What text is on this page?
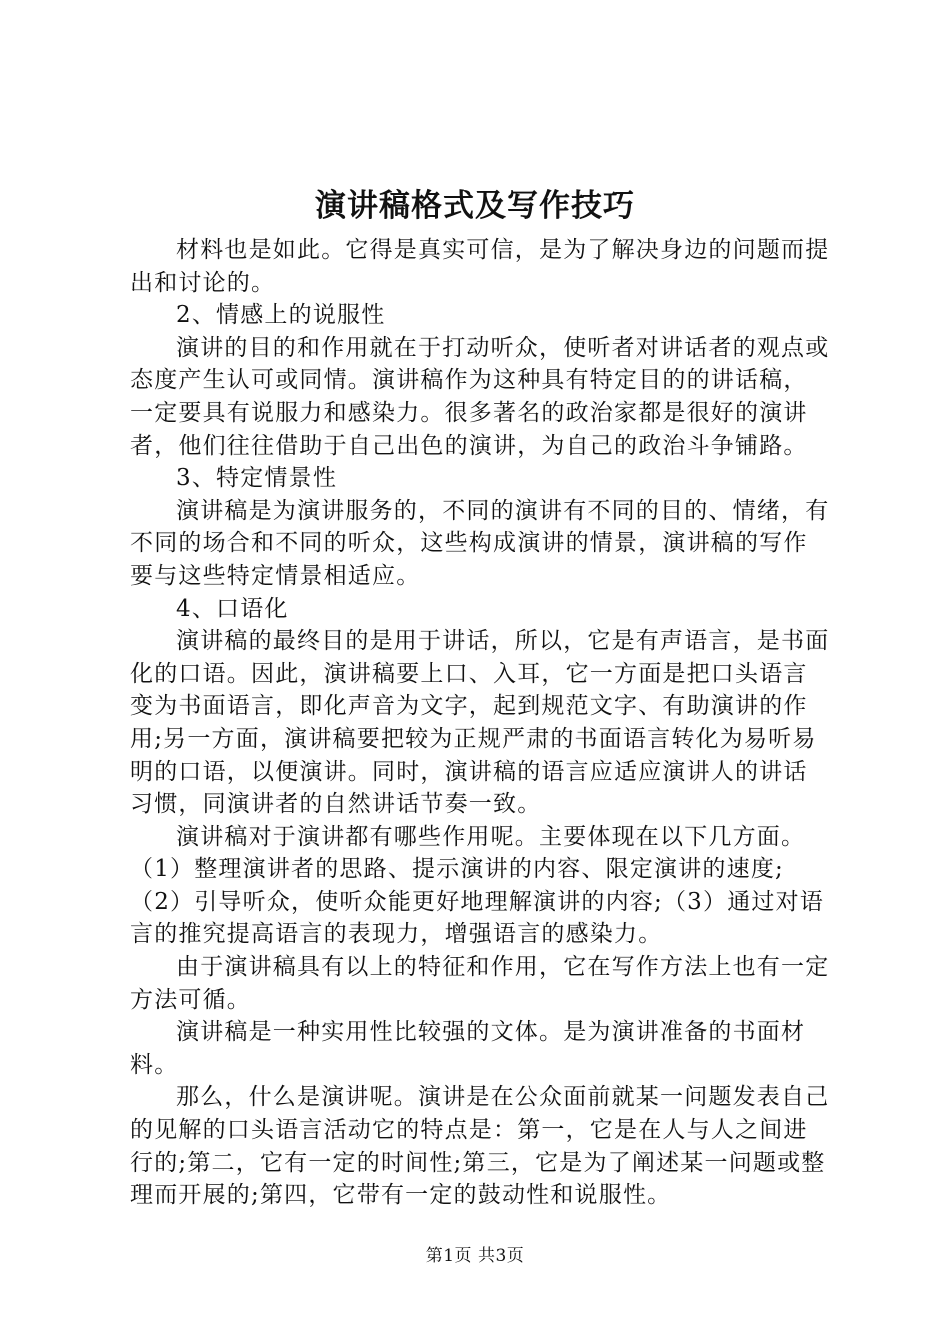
演讲稿格式及写作技巧

材料也是如此。它得是真实可信，是为了解决身边的问题而提出和讨论的。

2、情感上的说服性

演讲的目的和作用就在于打动听众，使听者对讲话者的观点或态度产生认可或同情。演讲稿作为这种具有特定目的的讲话稿，一定要具有说服力和感染力。很多著名的政治家都是很好的演讲者，他们往往借助于自己出色的演讲，为自己的政治斗争铺路。

3、特定情景性

演讲稿是为演讲服务的，不同的演讲有不同的目的、情绪，有不同的场合和不同的听众，这些构成演讲的情景，演讲稿的写作要与这些特定情景相适应。

4、口语化

演讲稿的最终目的是用于讲话，所以，它是有声语言，是书面化的口语。因此，演讲稿要上口、入耳，它一方面是把口头语言变为书面语言，即化声音为文字，起到规范文字、有助演讲的作用;另一方面，演讲稿要把较为正规严肃的书面语言转化为易听易明的口语，以便演讲。同时，演讲稿的语言应适应演讲人的讲话习惯，同演讲者的自然讲话节奏一致。

演讲稿对于演讲都有哪些作用呢。主要体现在以下几方面。（1）整理演讲者的思路、提示演讲的内容、限定演讲的速度;（2）引导听众，使听众能更好地理解演讲的内容;（3）通过对语言的推究提高语言的表现力，增强语言的感染力。

由于演讲稿具有以上的特征和作用，它在写作方法上也有一定方法可循。

演讲稿是一种实用性比较强的文体。是为演讲准备的书面材料。

那么，什么是演讲呢。演讲是在公众面前就某一问题发表自己的见解的口头语言活动它的特点是：第一，它是在人与人之间进行的;第二，它有一定的时间性;第三，它是为了阐述某一问题或整理而开展的;第四，它带有一定的鼓动性和说服性。

第1页 共3页
